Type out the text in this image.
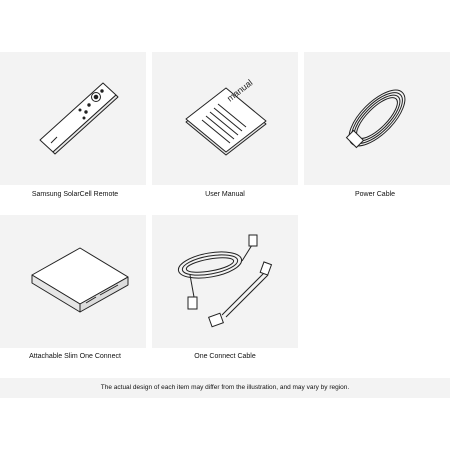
Samsung SolarCell Remote
manual
User Manual	Power Cable
Attachable Slim One Connect	One Connect Cable
The actual design of each item may differ from the illustration, and may vary by region.
